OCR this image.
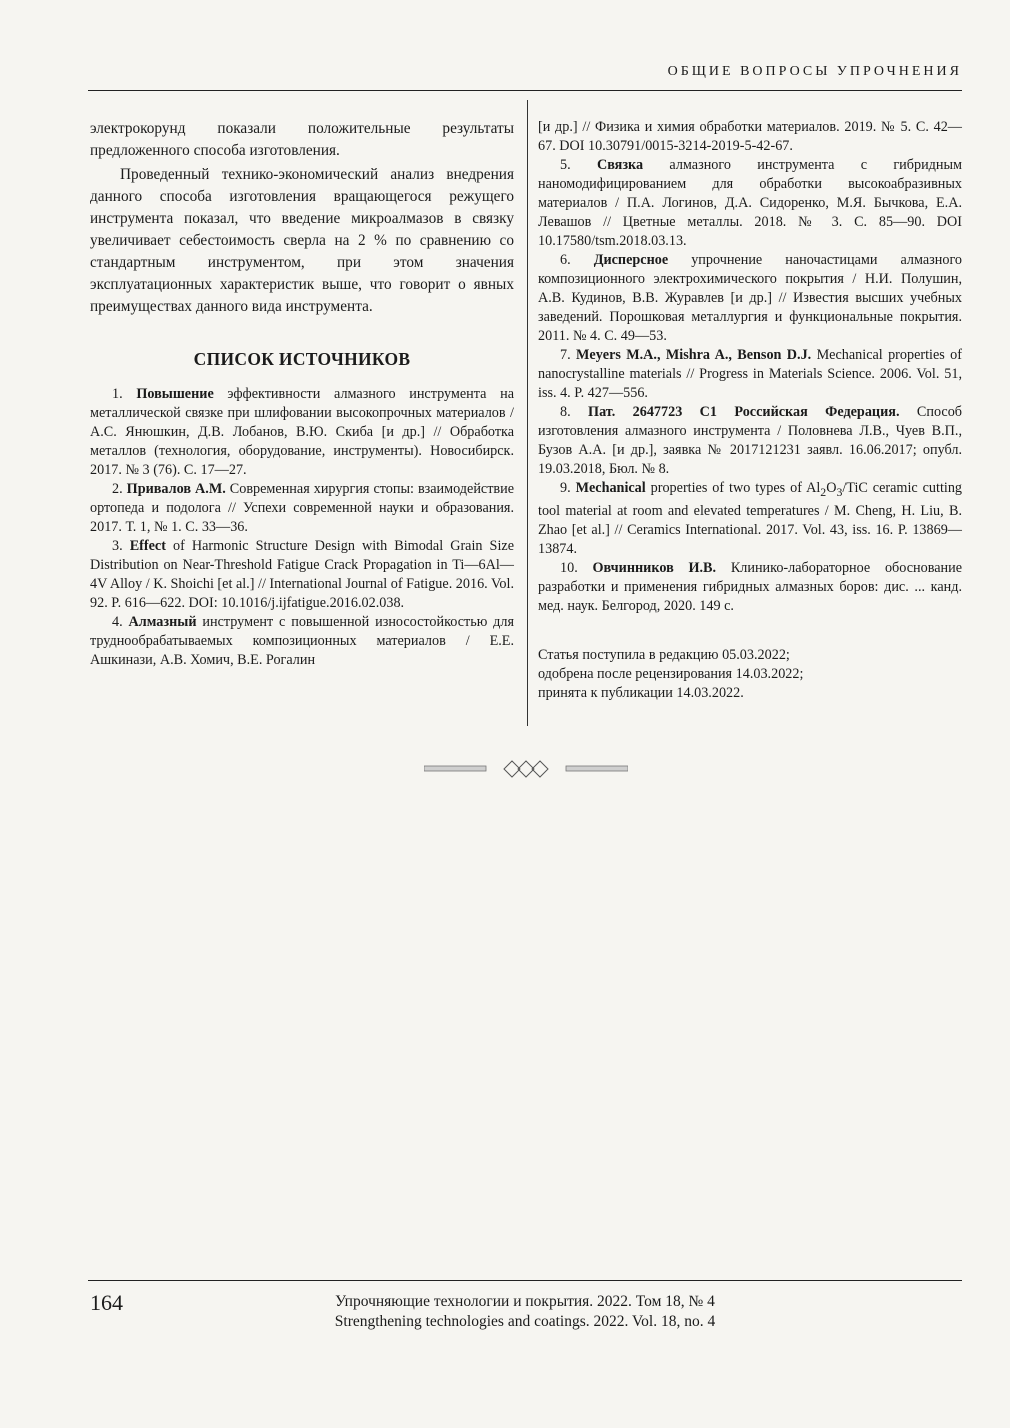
ОБЩИЕ ВОПРОСЫ УПРОЧНЕНИЯ

электрокорунд показали положительные результаты предложенного способа изготовления.

Проведенный технико-экономический анализ внедрения данного способа изготовления вращающегося режущего инструмента показал, что введение микроалмазов в связку увеличивает себестоимость сверла на 2 % по сравнению со стандартным инструментом, при этом значения эксплуатационных характеристик выше, что говорит о явных преимуществах данного вида инструмента.

СПИСОК ИСТОЧНИКОВ
1. Повышение эффективности алмазного инструмента на металлической связке при шлифовании высокопрочных материалов / А.С. Янюшкин, Д.В. Лобанов, В.Ю. Скиба [и др.] // Обработка металлов (технология, оборудование, инструменты). Новосибирск. 2017. № 3 (76). С. 17—27.
2. Привалов А.М. Современная хирургия стопы: взаимодействие ортопеда и подолога // Успехи современной науки и образования. 2017. Т. 1, № 1. С. 33—36.
3. Effect of Harmonic Structure Design with Bimodal Grain Size Distribution on Near-Threshold Fatigue Crack Propagation in Ti—6Al—4V Alloy / K. Shoichi [et al.] // International Journal of Fatigue. 2016. Vol. 92. P. 616—622. DOI: 10.1016/j.ijfatigue.2016.02.038.
4. Алмазный инструмент с повышенной износостойкостью для труднообрабатываемых композиционных материалов / Е.Е. Ашкинази, А.В. Хомич, В.Е. Рогалин
[и др.] // Физика и химия обработки материалов. 2019. № 5. С. 42—67. DOI 10.30791/0015-3214-2019-5-42-67.
5. Связка алмазного инструмента с гибридным наномодифицированием для обработки высокоабразивных материалов / П.А. Логинов, Д.А. Сидоренко, М.Я. Бычкова, Е.А. Левашов // Цветные металлы. 2018. № 3. С. 85—90. DOI 10.17580/tsm.2018.03.13.
6. Дисперсное упрочнение наночастицами алмазного композиционного электрохимического покрытия / Н.И. Полушин, А.В. Кудинов, В.В. Журавлев [и др.] // Известия высших учебных заведений. Порошковая металлургия и функциональные покрытия. 2011. № 4. С. 49—53.
7. Meyers M.A., Mishra A., Benson D.J. Mechanical properties of nanocrystalline materials // Progress in Materials Science. 2006. Vol. 51, iss. 4. P. 427—556.
8. Пат. 2647723 C1 Российская Федерация. Способ изготовления алмазного инструмента / Половнева Л.В., Чуев В.П., Бузов А.А. [и др.], заявка № 2017121231 заявл. 16.06.2017; опубл. 19.03.2018, Бюл. № 8.
9. Mechanical properties of two types of $Al_2O_3$/TiC ceramic cutting tool material at room and elevated temperatures / M. Cheng, H. Liu, B. Zhao [et al.] // Ceramics International. 2017. Vol. 43, iss. 16. P. 13869—13874.
10. Овчинников И.В. Клинико-лабораторное обоснование разработки и применения гибридных алмазных боров: дис. ... канд. мед. наук. Белгород, 2020. 149 с.
Статья поступила в редакцию 05.03.2022;
одобрена после рецензирования 14.03.2022;
принята к публикации 14.03.2022.
164	Упрочняющие технологии и покрытия. 2022. Том 18, № 4
Strengthening technologies and coatings. 2022. Vol. 18, no. 4
